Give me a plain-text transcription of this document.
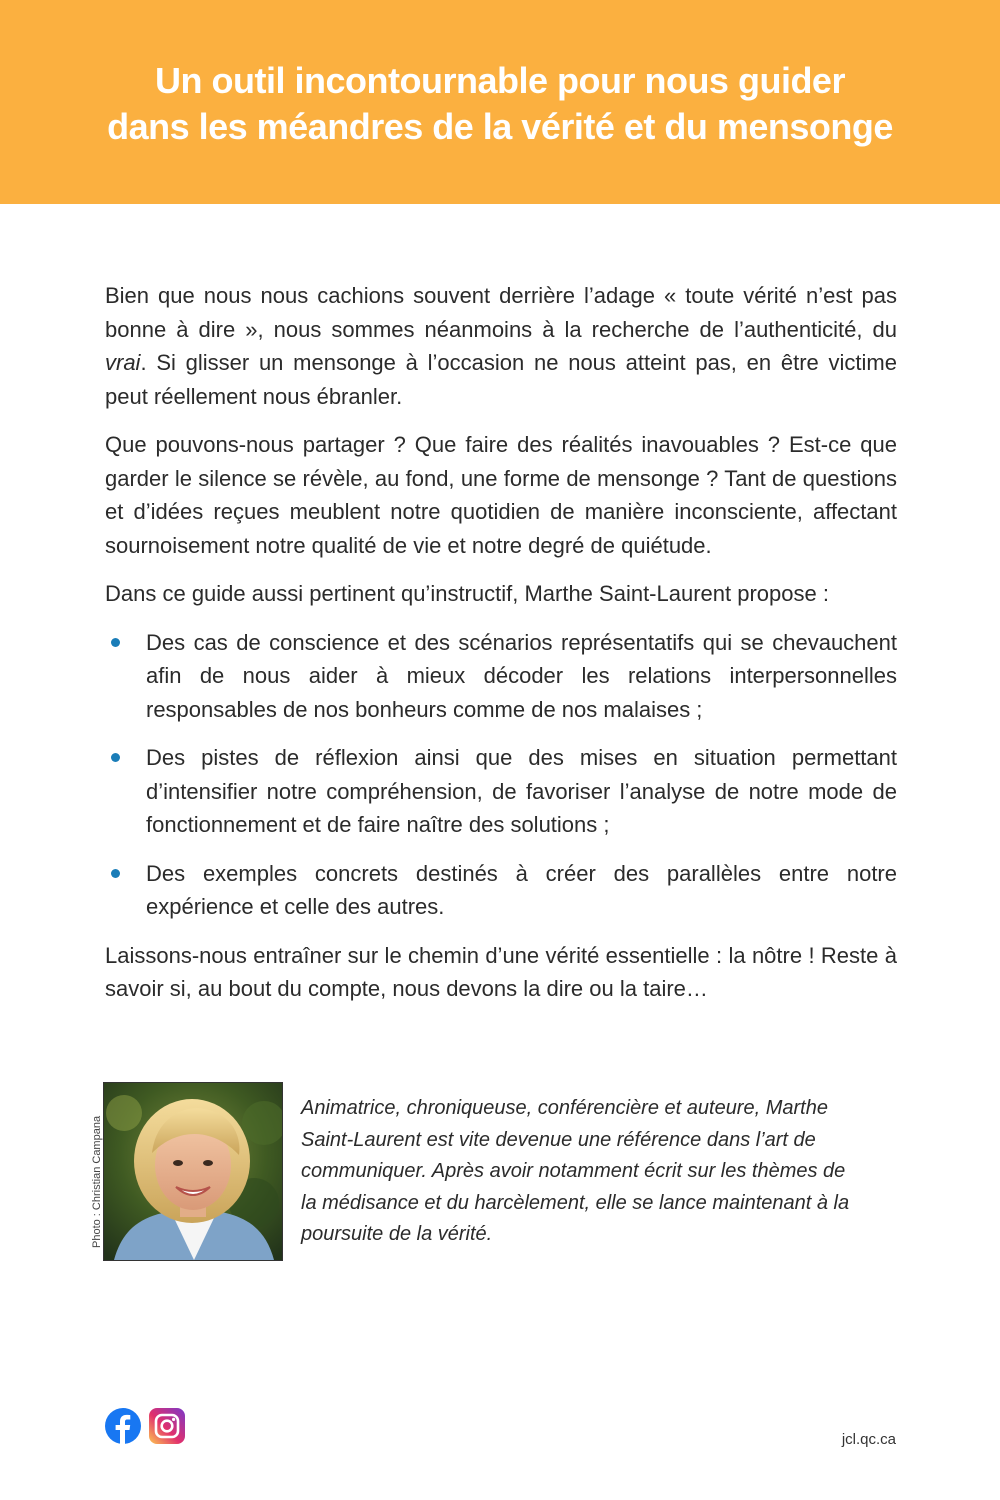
Un outil incontournable pour nous guider
dans les méandres de la vérité et du mensonge

Bien que nous nous cachions souvent derrière l’adage « toute vérité n’est pas bonne à dire », nous sommes néanmoins à la recherche de l’authenticité, du vrai. Si glisser un mensonge à l’occasion ne nous atteint pas, en être victime peut réellement nous ébranler.

Que pouvons-nous partager ? Que faire des réalités inavouables ? Est-ce que garder le silence se révèle, au fond, une forme de mensonge ? Tant de questions et d’idées reçues meublent notre quotidien de manière inconsciente, affectant sournoisement notre qualité de vie et notre degré de quiétude.

Dans ce guide aussi pertinent qu’instructif, Marthe Saint-Laurent propose :

Des cas de conscience et des scénarios représentatifs qui se chevauchent afin de nous aider à mieux décoder les relations interpersonnelles responsables de nos bonheurs comme de nos malaises ;
Des pistes de réflexion ainsi que des mises en situation permettant d’intensifier notre compréhension, de favoriser l’analyse de notre mode de fonctionnement et de faire naître des solutions ;
Des exemples concrets destinés à créer des parallèles entre notre expérience et celle des autres.

Laissons-nous entraîner sur le chemin d’une vérité essentielle : la nôtre ! Reste à savoir si, au bout du compte, nous devons la dire ou la taire…

Photo : Christian Campana

Animatrice, chroniqueuse, conférencière et auteure, Marthe Saint-Laurent est vite devenue une référence dans l’art de communiquer. Après avoir notamment écrit sur les thèmes de la médisance et du harcèlement, elle se lance maintenant à la poursuite de la vérité.

jcl.qc.ca
